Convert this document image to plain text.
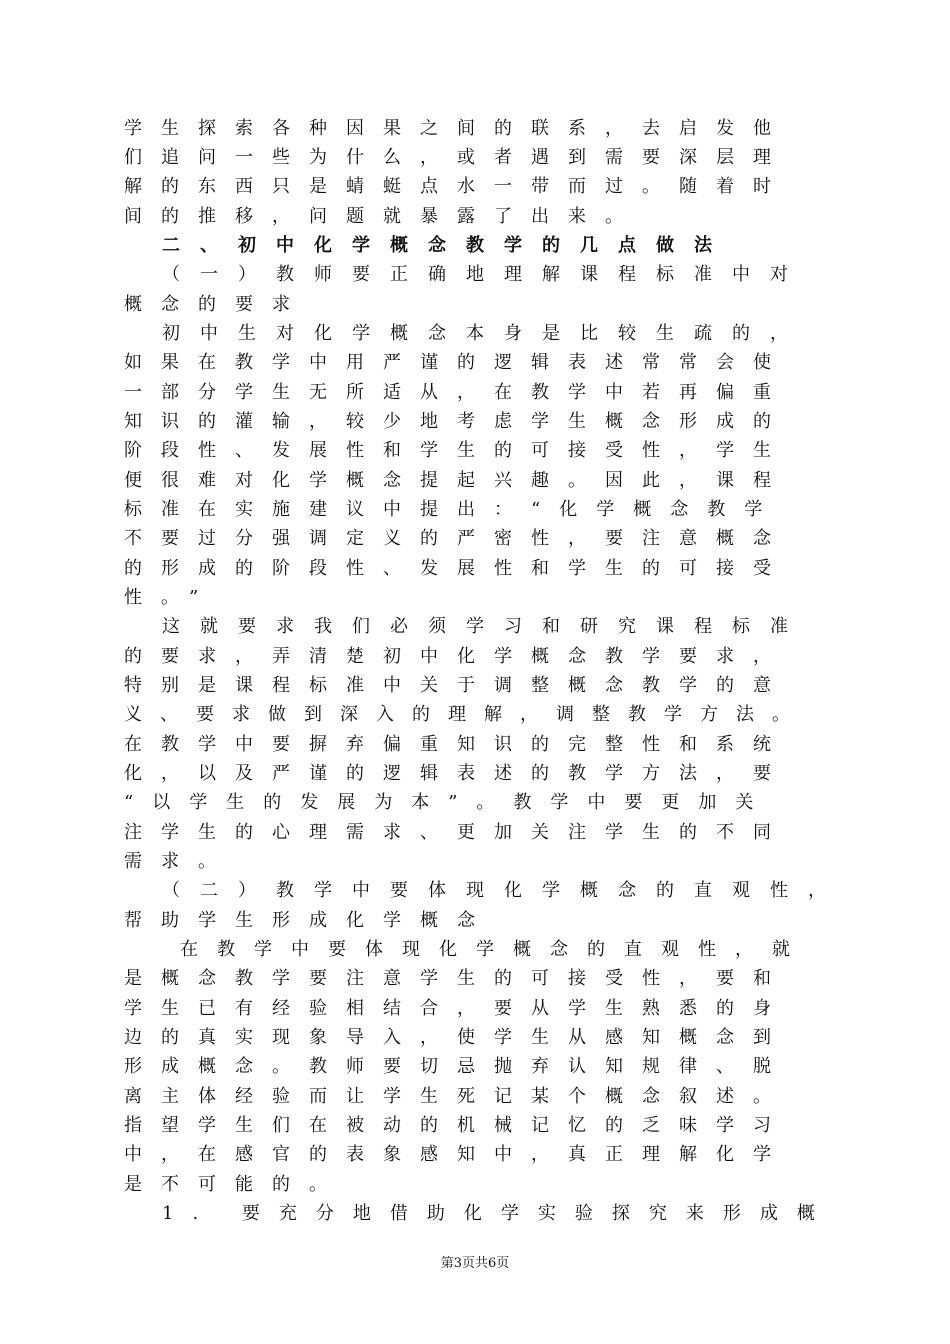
学生探索各种因果之间的联系，去启发他
们追问一些为什么，或者遇到需要深层理
解的东西只是蜻蜓点水一带而过。随着时
间的推移，问题就暴露了出来。
二、初中化学概念教学的几点做法
（一）教师要正确地理解课程标准中对
概念的要求
初中生对化学概念本身是比较生疏的，
如果在教学中用严谨的逻辑表述常常会使
一部分学生无所适从，在教学中若再偏重
知识的灌输，较少地考虑学生概念形成的
阶段性、发展性和学生的可接受性，学生
便很难对化学概念提起兴趣。因此，课程
标准在实施建议中提出：“化学概念教学
不要过分强调定义的严密性，要注意概念
的形成的阶段性、发展性和学生的可接受
性。”
这就要求我们必须学习和研究课程标准
的要求，弄清楚初中化学概念教学要求，
特别是课程标准中关于调整概念教学的意
义、要求做到深入的理解，调整教学方法。
在教学中要摒弃偏重知识的完整性和系统
化，以及严谨的逻辑表述的教学方法，要
“以学生的发展为本”。教学中要更加关
注学生的心理需求、更加关注学生的不同
需求。
（二）教学中要体现化学概念的直观性，
帮助学生形成化学概念
在教学中要体现化学概念的直观性，就
是概念教学要注意学生的可接受性，要和
学生已有经验相结合，要从学生熟悉的身
边的真实现象导入，使学生从感知概念到
形成概念。教师要切忌抛弃认知规律、脱
离主体经验而让学生死记某个概念叙述。
指望学生们在被动的机械记忆的乏味学习
中，在感官的表象感知中，真正理解化学
是不可能的。
1. 要充分地借助化学实验探究来形成概
第3页共6页
